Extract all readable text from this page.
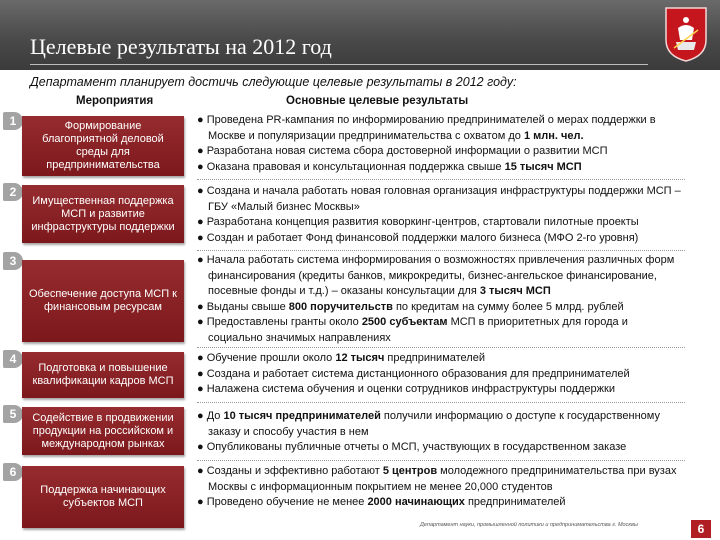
Целевые результаты на 2012 год
Департамент планирует достичь следующие целевые результаты в 2012 году:
Мероприятия	Основные целевые результаты
1	Формирование благоприятной деловой среды для предпринимательства
● Проведена PR-кампания по информированию предпринимателей о мерах поддержки в Москве и популяризации предпринимательства с охватом до 1 млн. чел.
● Разработана новая система сбора достоверной информации о развитии МСП
● Оказана правовая и консультационная поддержка свыше 15 тысяч МСП
2
Имущественная поддержка МСП и развитие инфраструктуры поддержки
● Создана и начала работать новая головная организация инфраструктуры поддержки МСП – ГБУ «Малый бизнес Москвы»
● Разработана концепция развития коворкинг-центров, стартовали пилотные проекты
● Создан и работает Фонд финансовой поддержки малого бизнеса (МФО 2-го уровня)
3
Обеспечение доступа МСП к финансовым ресурсам
● Начала работать система информирования о возможностях привлечения различных форм финансирования (кредиты банков, микрокредиты, бизнес-ангельское финансирование, посевные фонды и т.д.) – оказаны консультации для 3 тысяч МСП
● Выданы свыше 800 поручительств по кредитам на сумму более 5 млрд. рублей
● Предоставлены гранты около 2500 субъектам МСП в приоритетных для города и социально значимых направлениях
4
Подготовка и повышение квалификации кадров МСП
● Обучение прошли около 12 тысяч предпринимателей
● Создана и работает система дистанционного образования для предпринимателей
● Налажена система обучения и оценки сотрудников инфраструктуры поддержки
5	Содействие в продвижении продукции на российском и международном рынках
● До 10 тысяч предпринимателей получили информацию о доступе к государственному заказу и способу участия в нем
● Опубликованы публичные отчеты о МСП, участвующих в государственном заказе
6
Поддержка начинающих субъектов МСП
● Созданы и эффективно работают 5 центров молодежного предпринимательства при вузах Москвы с информационным покрытием не менее 20,000 студентов
● Проведено обучение не менее 2000 начинающих предпринимателей
Департамент науки, промышленной политики и предпринимательства г. Москвы	6
